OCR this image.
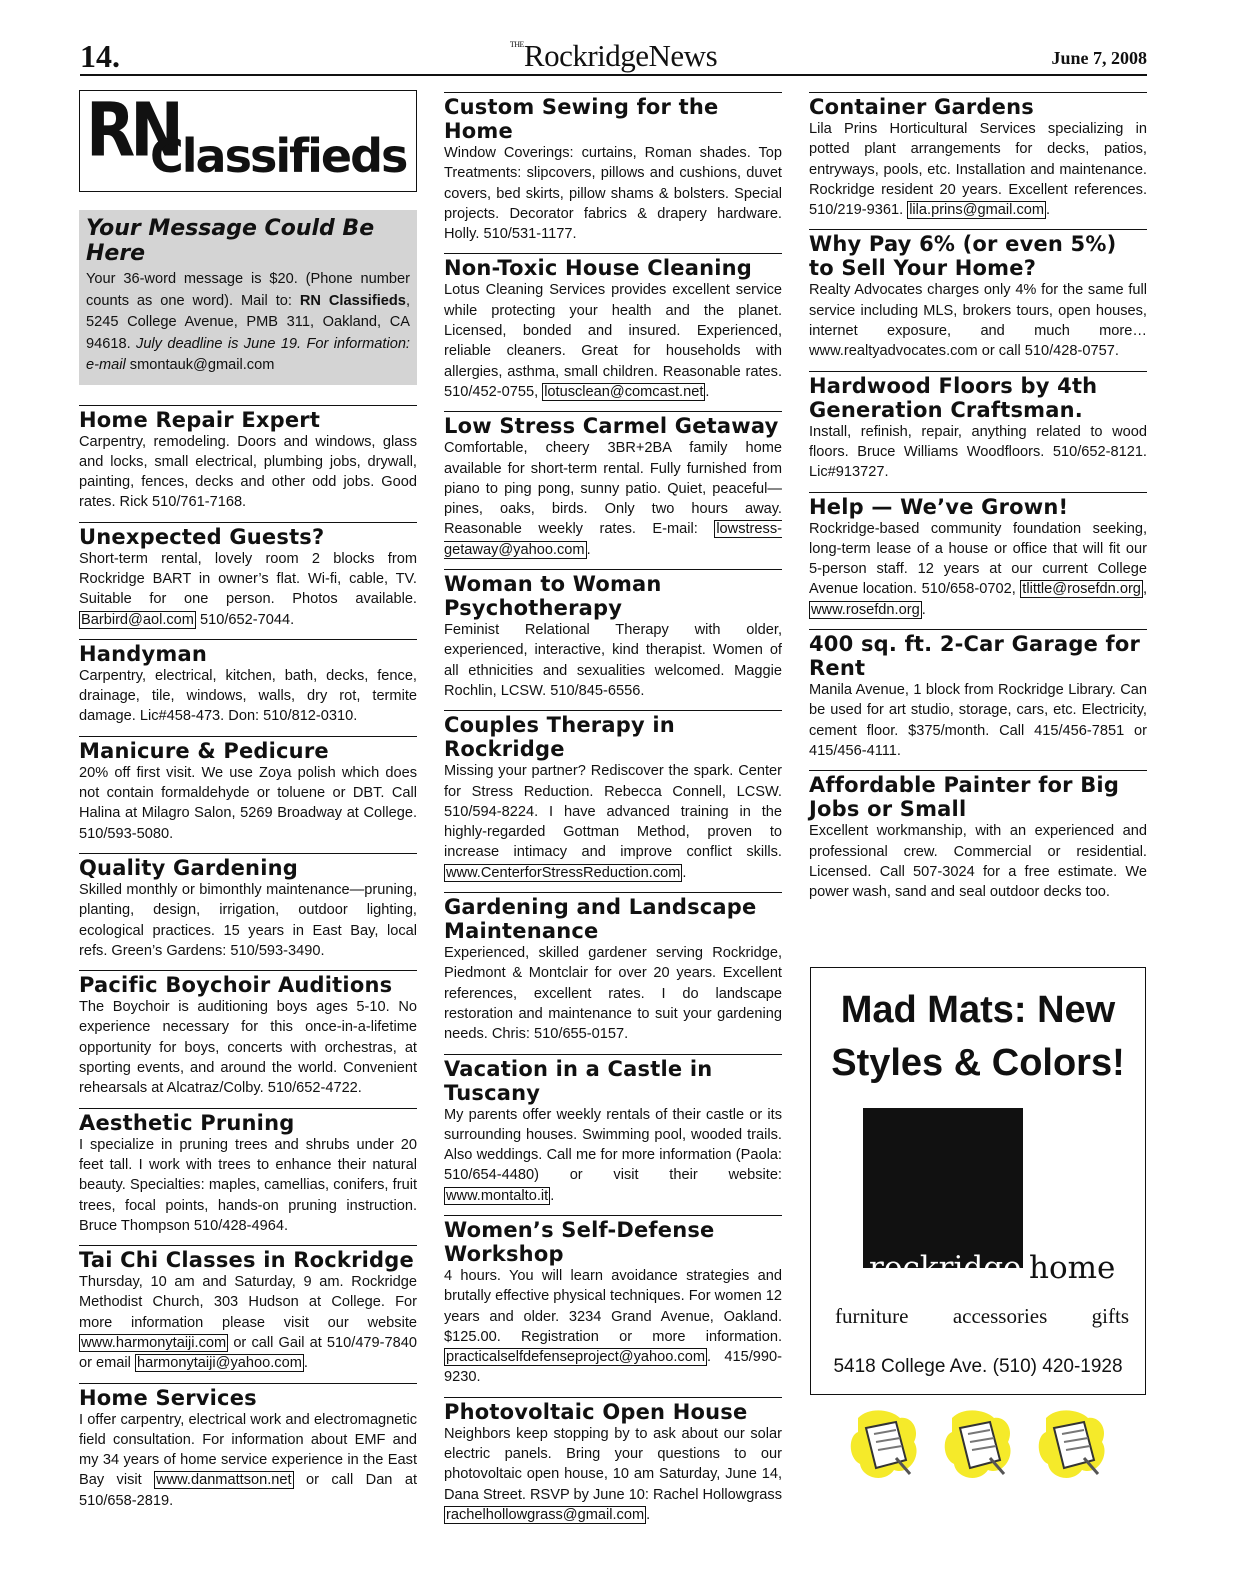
14.	$^{THE}$RockridgeNews	June 7, 2008
RN
Classifieds
Your Message Could Be Here

Your 36-word message is $20. (Phone number counts as one word). Mail to: RN Classifieds, 5245 College Avenue, PMB 311, Oakland, CA 94618. July deadline is June 19. For information: e-mail smontauk@gmail.com

Home Repair Expert

Carpentry, remodeling. Doors and windows, glass and locks, small electrical, plumbing jobs, drywall, painting, fences, decks and other odd jobs. Good rates. Rick 510/761-7168.

Unexpected Guests?

Short-term rental, lovely room 2 blocks from Rockridge BART in owner’s flat. Wi-fi, cable, TV. Suitable for one person. Photos available. Barbird@aol.com 510/652-7044.

Handyman

Carpentry, electrical, kitchen, bath, decks, fence, drainage, tile, windows, walls, dry rot, termite damage. Lic#458-473. Don: 510/812-0310.

Manicure & Pedicure

20% off first visit. We use Zoya polish which does not contain formaldehyde or toluene or DBT. Call Halina at Milagro Salon, 5269 Broadway at College. 510/593-5080.

Quality Gardening

Skilled monthly or bimonthly maintenance—pruning, planting, design, irrigation, outdoor lighting, ecological practices. 15 years in East Bay, local refs. Green’s Gardens: 510/593-3490.

Pacific Boychoir Auditions

The Boychoir is auditioning boys ages 5-10. No experience necessary for this once-in-a-lifetime opportunity for boys, concerts with orchestras, at sporting events, and around the world. Convenient rehearsals at Alcatraz/Colby. 510/652-4722.

Aesthetic Pruning

I specialize in pruning trees and shrubs under 20 feet tall. I work with trees to enhance their natural beauty. Specialties: maples, camellias, conifers, fruit trees, focal points, hands-on pruning instruction. Bruce Thompson 510/428-4964.

Tai Chi Classes in Rockridge

Thursday, 10 am and Saturday, 9 am. Rockridge Methodist Church, 303 Hudson at College. For more information please visit our website www.harmonytaiji.com or call Gail at 510/479-7840 or email harmonytaiji@yahoo.com .

Home Services

I offer carpentry, electrical work and electromagnetic field consultation. For information about EMF and my 34 years of home service experience in the East Bay visit www.danmattson.net or call Dan at 510/658-2819.

Custom Sewing for the Home

Window Coverings: curtains, Roman shades. Top Treatments: slipcovers, pillows and cushions, duvet covers, bed skirts, pillow shams & bolsters. Special projects. Decorator fabrics & drapery hardware. Holly. 510/531-1177.

Non-Toxic House Cleaning

Lotus Cleaning Services provides excellent service while protecting your health and the planet. Licensed, bonded and insured. Experienced, reliable cleaners. Great for households with allergies, asthma, small children. Reasonable rates. 510/452-0755, lotusclean@comcast.net .

Low Stress Carmel Getaway

Comfortable, cheery 3BR+2BA family home available for short-term rental. Fully furnished from piano to ping pong, sunny patio. Quiet, peaceful—pines, oaks, birds. Only two hours away. Reasonable weekly rates. E-mail: lowstress-getaway@yahoo.com .

Woman to Woman Psychotherapy

Feminist Relational Therapy with older, experienced, interactive, kind therapist. Women of all ethnicities and sexualities welcomed. Maggie Rochlin, LCSW. 510/845-6556.

Couples Therapy in Rockridge

Missing your partner? Rediscover the spark. Center for Stress Reduction. Rebecca Connell, LCSW. 510/594-8224. I have advanced training in the highly-regarded Gottman Method, proven to increase intimacy and improve conflict skills. www.CenterforStressReduction.com .

Gardening and Landscape Maintenance

Experienced, skilled gardener serving Rockridge, Piedmont & Montclair for over 20 years. Excellent references, excellent rates. I do landscape restoration and maintenance to suit your gardening needs. Chris: 510/655-0157.

Vacation in a Castle in Tuscany

My parents offer weekly rentals of their castle or its surrounding houses. Swimming pool, wooded trails. Also weddings. Call me for more information (Paola: 510/654-4480) or visit their website: www.montalto.it .

Women’s Self-Defense Workshop

4 hours. You will learn avoidance strategies and brutally effective physical techniques. For women 12 years and older. 3234 Grand Avenue, Oakland. $125.00. Registration or more information. practicalselfdefenseproject@yahoo.com . 415/990-9230.

Photovoltaic Open House

Neighbors keep stopping by to ask about our solar electric panels. Bring your questions to our photovoltaic open house, 10 am Saturday, June 14, Dana Street. RSVP by June 10: Rachel Hollowgrass rachelhollowgrass@gmail.com .

Container Gardens

Lila Prins Horticultural Services specializing in potted plant arrangements for decks, patios, entryways, pools, etc. Installation and maintenance. Rockridge resident 20 years. Excellent references. 510/219-9361. lila.prins@gmail.com .

Why Pay 6% (or even 5%) to Sell Your Home?

Realty Advocates charges only 4% for the same full service including MLS, brokers tours, open houses, internet exposure, and much more… www.realtyadvocates.com or call 510/428-0757.

Hardwood Floors by 4th Generation Craftsman.

Install, refinish, repair, anything related to wood floors. Bruce Williams Woodfloors. 510/652-8121. Lic#913727.

Help — We’ve Grown!

Rockridge-based community foundation seeking, long-term lease of a house or office that will fit our 5-person staff. 12 years at our current College Avenue location. 510/658-0702, tlittle@rosefdn.org , www.rosefdn.org .

400 sq. ft. 2-Car Garage for Rent

Manila Avenue, 1 block from Rockridge Library. Can be used for art studio, storage, cars, etc. Electricity, cement floor. $375/month. Call 415/456-7851 or 415/456-4111.

Affordable Painter for Big Jobs or Small

Excellent workmanship, with an experienced and professional crew. Commercial or residential. Licensed. Call 507-3024 for a free estimate. We power wash, sand and seal outdoor decks too.

Mad Mats: New Styles & Colors!
rockridge home
furniture accessories gifts
5418 College Ave. (510) 420-1928
